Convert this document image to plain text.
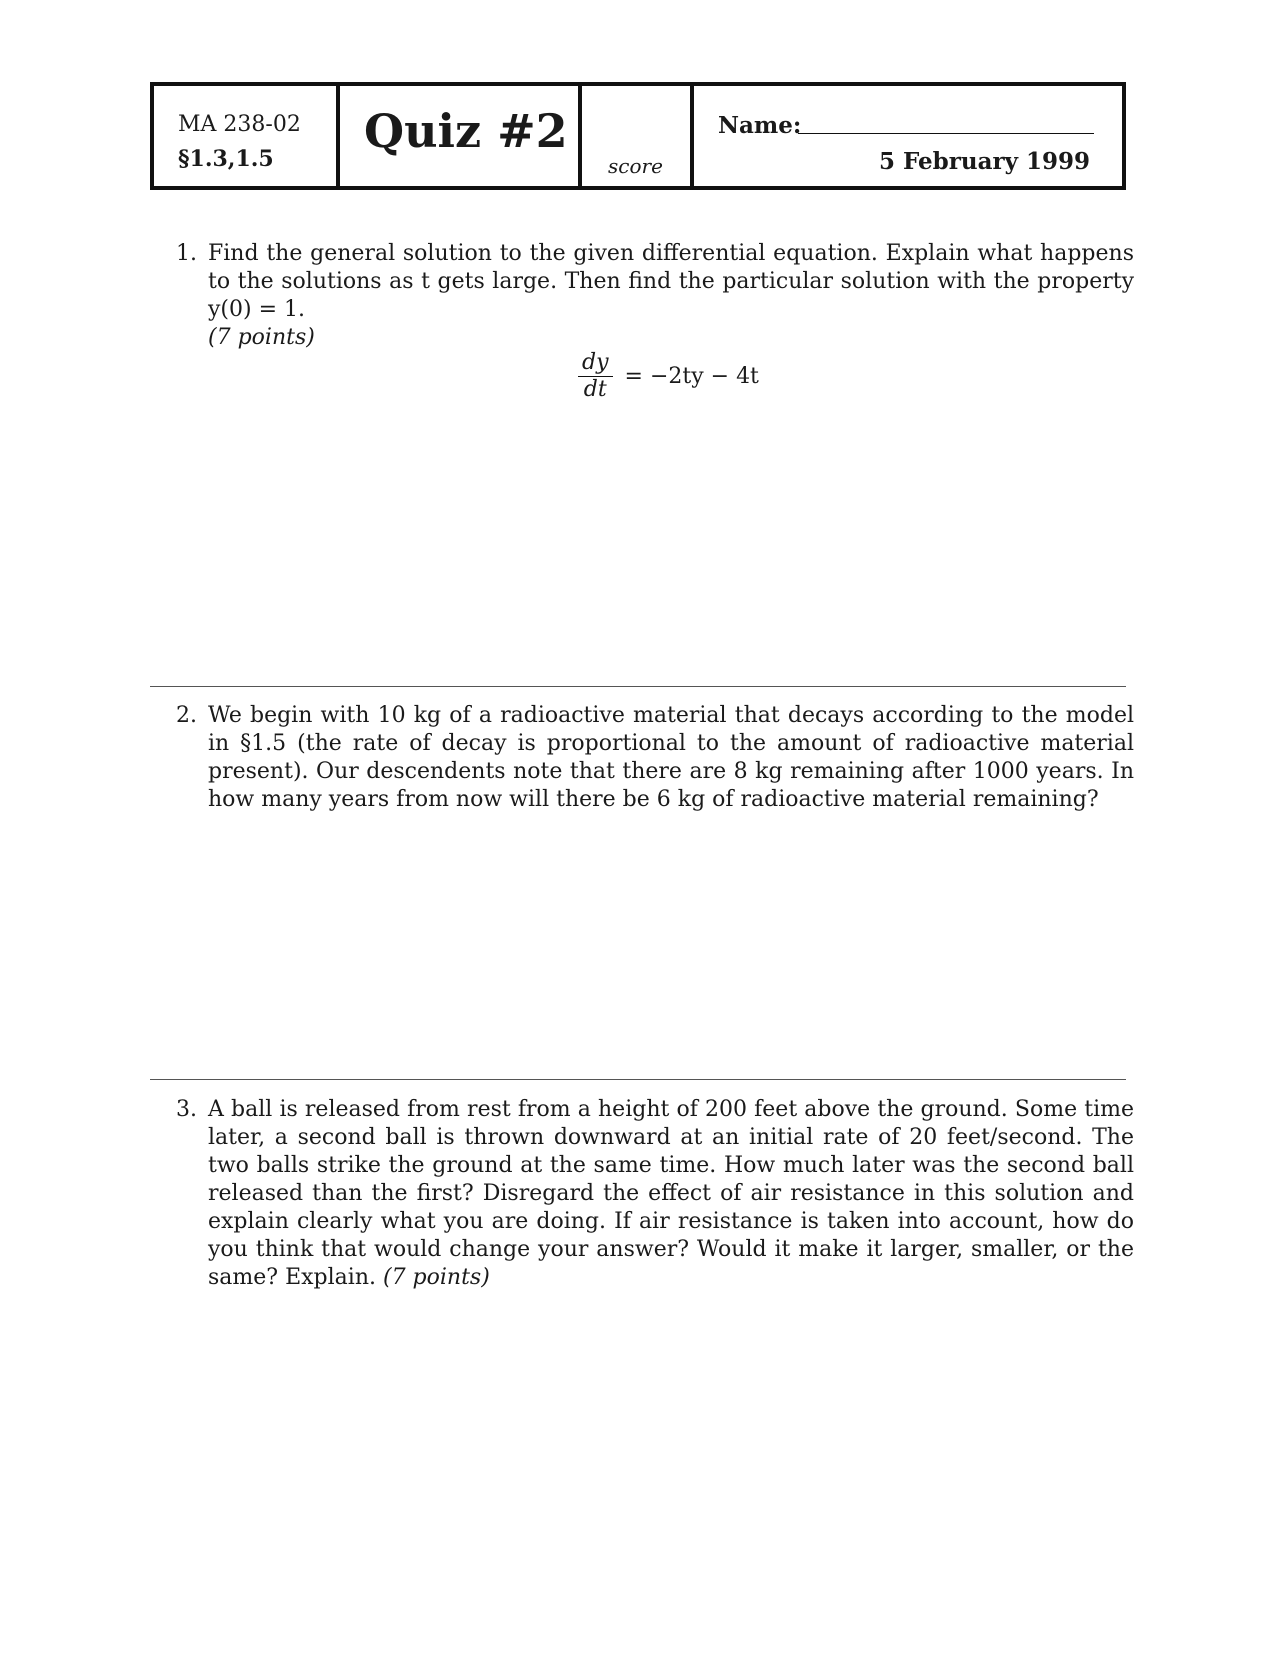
MA 238-02
§1.3,1.5
Quiz #2
score
Name:
5 February 1999
1. Find the general solution to the given differential equation. Explain what happens to the solutions as t gets large. Then find the particular solution with the property y(0) = 1.
(7 points)
$\frac{dy}{dt} = -2ty - 4t$
2. We begin with 10 kg of a radioactive material that decays according to the model in §1.5 (the rate of decay is proportional to the amount of radioactive material present). Our descendents note that there are 8 kg remaining after 1000 years. In how many years from now will there be 6 kg of radioactive material remaining?
3. A ball is released from rest from a height of 200 feet above the ground. Some time later, a second ball is thrown downward at an initial rate of 20 feet/second. The two balls strike the ground at the same time. How much later was the second ball released than the first? Disregard the effect of air resistance in this solution and explain clearly what you are doing. If air resistance is taken into account, how do you think that would change your answer? Would it make it larger, smaller, or the same? Explain. (7 points)
